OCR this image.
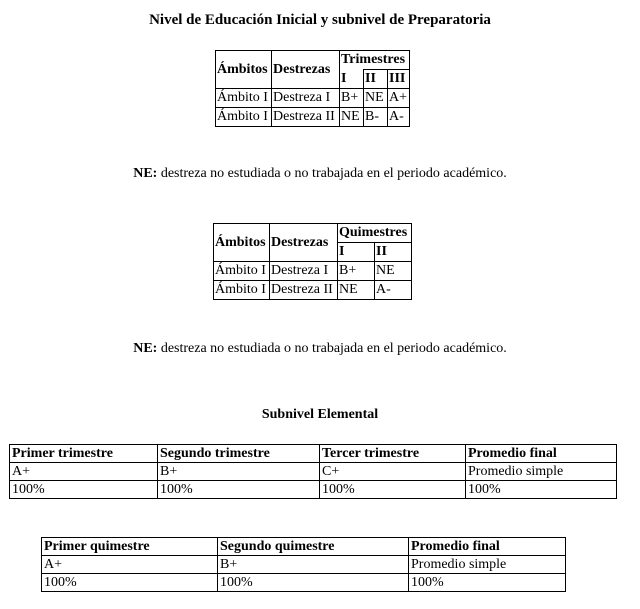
Nivel de Educación Inicial y subnivel de Preparatoria
Ámbitos	Destrezas	Trimestres		
		I	II	III
Ámbito I	Destreza I	B+	NE	A+
Ámbito I	Destreza II	NE	B-	A-
NE: destreza no estudiada o no trabajada en el periodo académico.
Ámbitos	Destrezas	Quimestres	
		I	II
Ámbito I	Destreza I	B+	NE
Ámbito I	Destreza II	NE	A-
NE: destreza no estudiada o no trabajada en el periodo académico.
Subnivel Elemental
Primer trimestre	Segundo trimestre	Tercer trimestre	Promedio final
A+	B+	C+	Promedio simple
100%	100%	100%	100%
Primer quimestre	Segundo quimestre	Promedio final
A+	B+	Promedio simple
100%	100%	100%
